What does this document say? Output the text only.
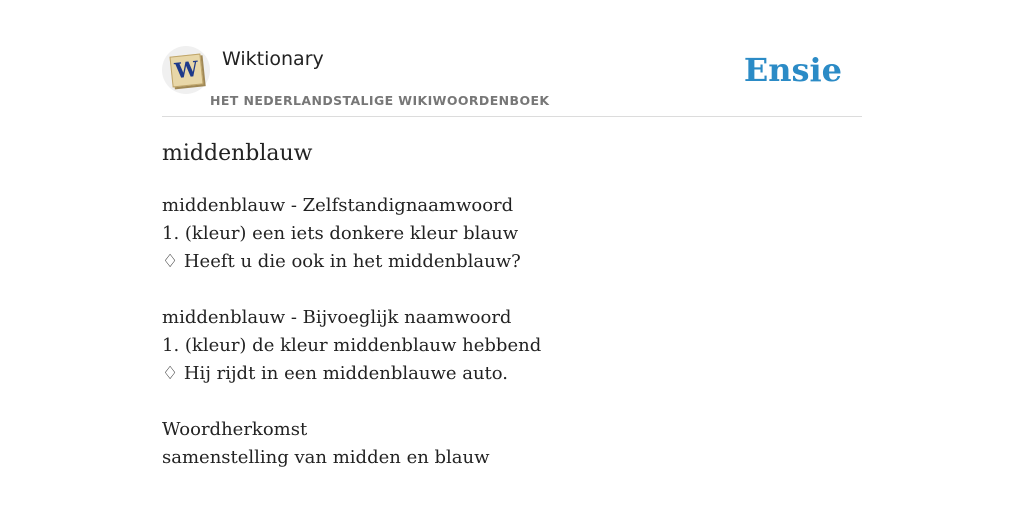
W Wiktionary
HET NEDERLANDSTALIGE WIKIWOORDENBOEK
Ensie
middenblauw
middenblauw - Zelfstandignaamwoord
1. (kleur) een iets donkere kleur blauw
♢ Heeft u die ook in het middenblauw?
middenblauw - Bijvoeglijk naamwoord
1. (kleur) de kleur middenblauw hebbend
♢ Hij rijdt in een middenblauwe auto.
Woordherkomst
samenstelling van midden en blauw
